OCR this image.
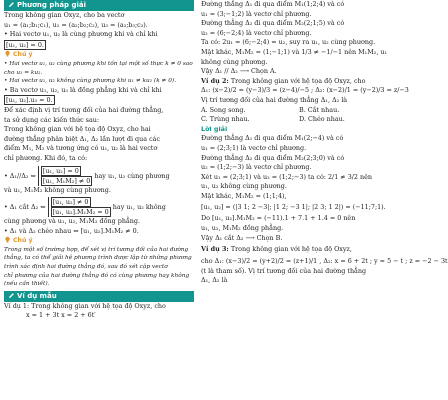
Phương pháp giải
Trong không gian Oxyz, cho ba vectơ
u₁ = (a₁;b₁;c₁), u₂ = (a₂;b₂;c₂), u₃ = (a₃;b₃;c₃).
• Hai vectơ u₁, u₂ là cùng phương khi và chỉ khi
[u₁, u₂] = 0.
Chú ý
• Hai vectơ u₁, u₂ cùng phương khi tồn tại một số thực k ≠ 0 sao
cho u₁ = ku₂.
• Hai vectơ u₁, u₂ không cùng phương khi u₁ ≠ ku₂ (k ≠ 0).
• Ba vectơ u₁, u₂, u₃ là đồng phẳng khi và chỉ khi
[u₁, u₂].u₃ = 0.
Để xác định vị trí tương đối của hai đường thẳng,
ta sử dụng các kiến thức sau:
Trong không gian với hệ tọa độ Oxyz, cho hai
đường thẳng phân biệt Δ₁, Δ₂ lần lượt đi qua các
điểm M₁, M₂ và tương ứng có u₁, u₂ là hai vectơ
chỉ phương. Khi đó, ta có:
• Δ₁//Δ₂ ⇔ $\frac{\text{[u₁, u₂] = 0}}{\text{[u₁, M₁M₂] ≠ 0}}$ hay u₁, u₂ cùng phương
và u₁, M₁M₂ không cùng phương.
• Δ₁ cắt Δ₂ ⇔ $\frac{\text{[u₁, u₂] ≠ 0}}{\text{[u₁, u₂].M₁M₂ = 0}}$ hay u₁, u₂ không
cùng phương và u₁, u₂, M₁M₂ đồng phẳng.
• Δ₁ và Δ₂ chéo nhau ⇔ [u₁, u₂].M₁M₂ ≠ 0.
Chú ý
Trong một số trường hợp, để xét vị trí tương đối của hai đường
thẳng, ta có thể giải hệ phương trình được lập từ những phương
trình xác định hai đường thẳng đó, sau đó xét cặp vectơ
chỉ phương của hai đường thẳng đó có cùng phương hay không
(nếu cần thiết).
Ví dụ mẫu
Ví dụ 1: Trong không gian với hệ tọa độ Oxyz, cho
x = 1 + 3t x = 2 + 6t′
Đường thẳng Δ₁ đi qua điểm M₁(1;2;4) và có
u₁ = (3;−1;2) là vectơ chỉ phương.
Đường thẳng Δ₂ đi qua điểm M₂(2;1;5) và có
u₂ = (6;−2;4) là vectơ chỉ phương.
Ta có: 2u₁ = (6;−2;4) = u₂, suy ra u₁, u₂ cùng phương.
Mặt khác, M₁M₂ = (1;−1;1) và 1/3 ≠ −1/−1 nên M₁M₂, u₁
không cùng phương.
Vậy Δ₁ // Δ₂ ⟶ Chọn A.
Ví dụ 2: Trong không gian với hệ tọa độ Oxyz, cho
Δ₁: (x−2)/2 = (y−3)/3 = (z−4)/−5 ; Δ₂: (x−2)/1 = (y−2)/3 = z/−3
Vị trí tương đối của hai đường thẳng Δ₁, Δ₂ là
A. Song song.	B. Cắt nhau.
C. Trùng nhau.	D. Chéo nhau.
Lời giải
Đường thẳng Δ₁ đi qua điểm M₁(2;−4) và có
u₁ = (2;3;1) là vectơ chỉ phương.
Đường thẳng Δ₂ đi qua điểm M₂(2;3;0) và có
u₂ = (1;2;−3) là vectơ chỉ phương.
Xét u₁ = (2;3;1) và u₂ = (1;2;−3) ta có: 2/1 ≠ 3/2 nên
u₁, u₂ không cùng phương.
Mặt khác, M₁M₂ = (1;1;4),
[u₁, u₂] = (|3 1; 2 −3|; |1 2; −3 1|; |2 3; 1 2|) = (−11;7;1).
Do [u₁, u₂].M₁M₂ = (−11).1 + 7.1 + 1.4 = 0 nên
u₁, u₂, M₁M₂ đồng phẳng.
Vậy Δ₁ cắt Δ₂ ⟶ Chọn B.
Ví dụ 3: Trong không gian với hệ tọa độ Oxyz,
cho Δ₁: (x−3)/2 = (y+2)/2 = (z+1)/1 , Δ₂: x = 6 + 2t ; y = 5 − t ; z = −2 − 3t
(t là tham số). Vị trí tương đối của hai đường thẳng
Δ₁, Δ₂ là
